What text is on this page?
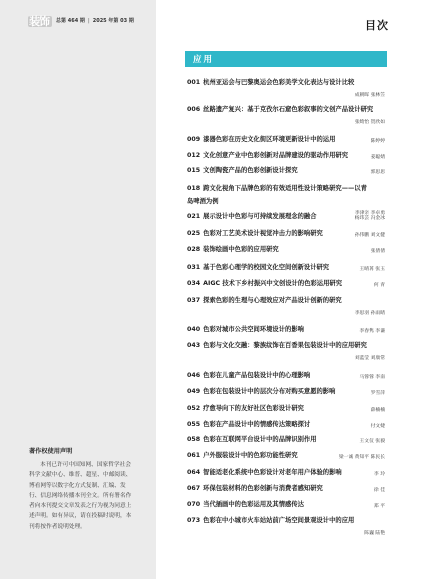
装饰	总第 464 期 | 2025 年第 03 期
著作权使用声明
本刊已许可中国知网、国家哲学社会科学文献中心、维普、超星、中邮阅读、博看网等以数字化方式复制、汇编、发行、信息网络传播本刊全文。所有署名作者向本刊提交文章发表之行为视为同意上述声明。如有异议，请在投稿时说明，本刊将按作者说明处理。
目次
应用
001 杭州亚运会与巴黎奥运会色彩美学文化表达与设计比较
成朝晖 张林笠
006 丝路遗产复兴：基于克孜尔石窟色彩叙事的文创产品设计研究
张绮怡 贺欣如
009 漆器色彩在历史文化街区环境更新设计中的运用	陈婷婷
012 文化创意产业中色彩创新对品牌建设的驱动作用研究	姜聪婧
015 文创陶瓷产品的色彩创新设计探究	郭思思
018 跨文化视角下品牌色彩的有效适用性设计策略研究——以青
岛啤酒为例
李津亲 李卓勇
021 展示设计中色彩与可持续发展理念的融合	杨玮芸 冯金冰
025 色彩对工艺美术设计视觉冲击力的影响研究	孙伟鹏 刘文健
028 装饰绘画中色彩的应用研究	张倩倩
031 基于色彩心理学的校园文化空间创新设计研究	王晴苒 张玉
034 AIGC 技术下乡村振兴中文创设计的色彩运用研究	何 青
037 探索色彩的生理与心理效应对产品设计创新的研究
李思羽 孙雨睛
040 色彩对城市公共空间环境设计的影响	李春隽 李谦
043 色彩与文化交融：黎族纹饰在百香果包装设计中的应用研究
刘蓝莹 刘康常
046 色彩在儿童产品包装设计中的心理影响	马蓉蓉 李南
049 色彩在包装设计中的层次分布对购买意愿的影响	罗雪萍
052 疗愈导向下的友好社区色彩设计研究	薛楠楠
055 色彩在产品设计中的情感传达策略探讨	付文婕
058 色彩在互联网平台设计中的品牌识别作用	王文仪 张毅
061 户外服装设计中的色彩功能性研究	梁一诚 黄知平 陈民长
064 智能适老化系统中色彩设计对老年用户体验的影响	李 玲
067 环保包装材料的色彩创新与消费者感知研究	徐 佳
070 当代插画中的色彩运用及其情感传达	郑 平
073 色彩在中小城市火车站站前广场空间景观设计中的应用
陈巍 陆艳
